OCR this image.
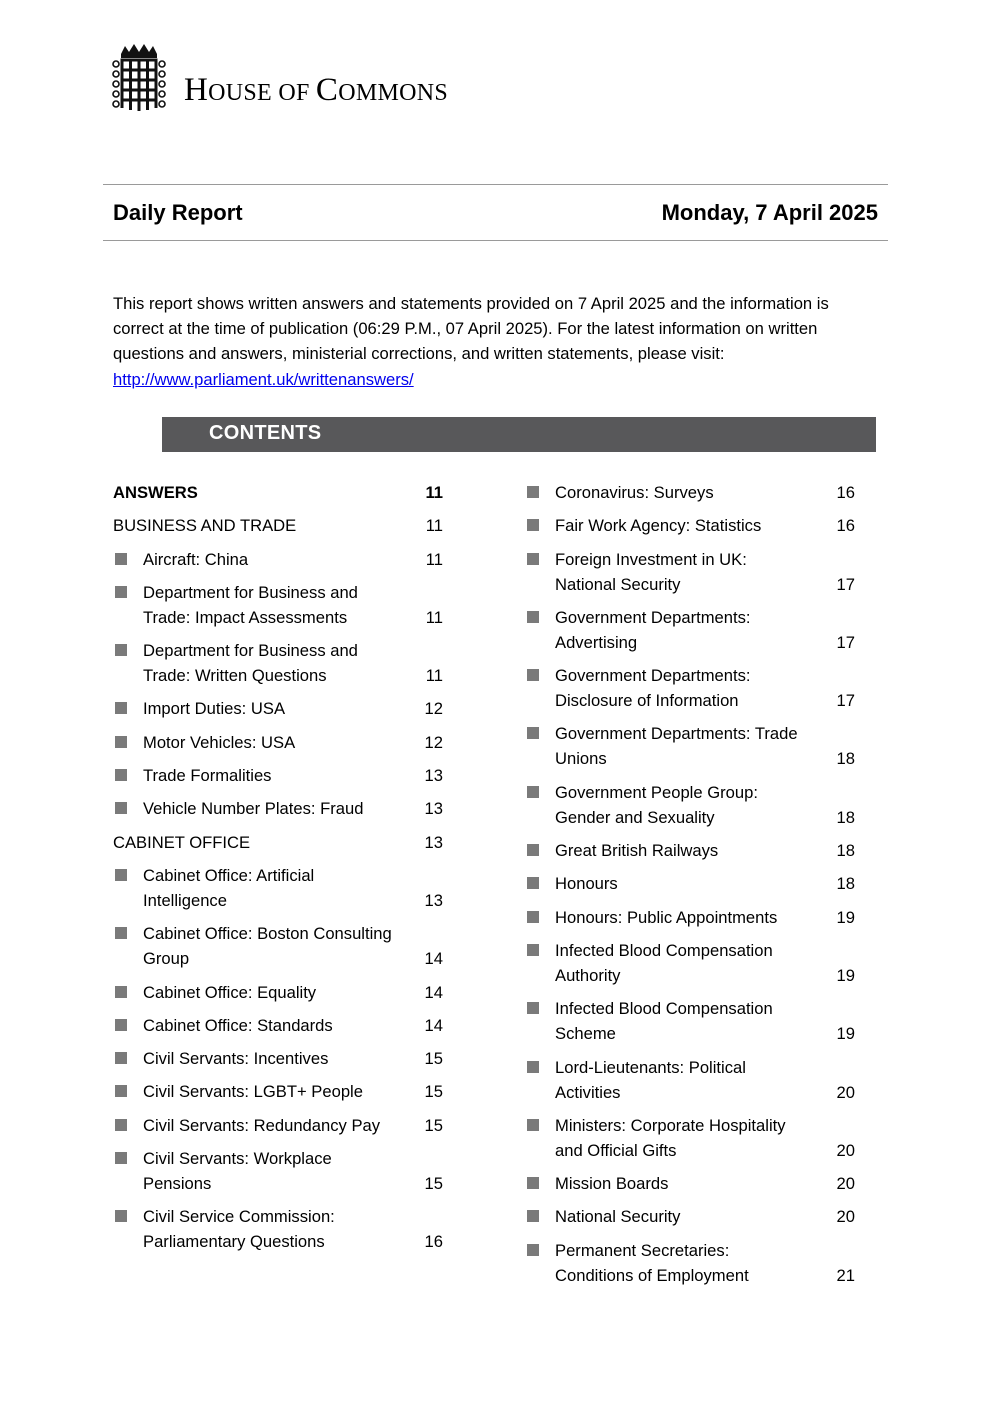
HOUSE OF COMMONS
Daily Report	Monday, 7 April 2025
This report shows written answers and statements provided on 7 April 2025 and the information is correct at the time of publication (06:29 P.M., 07 April 2025). For the latest information on written questions and answers, ministerial corrections, and written statements, please visit: http://www.parliament.uk/writtenanswers/
CONTENTS
ANSWERS	11
BUSINESS AND TRADE	11
Aircraft: China	11
Department for Business and Trade: Impact Assessments	11
Department for Business and Trade: Written Questions	11
Import Duties: USA	12
Motor Vehicles: USA	12
Trade Formalities	13
Vehicle Number Plates: Fraud	13
CABINET OFFICE	13
Cabinet Office: Artificial Intelligence	13
Cabinet Office: Boston Consulting Group	14
Cabinet Office: Equality	14
Cabinet Office: Standards	14
Civil Servants: Incentives	15
Civil Servants: LGBT+ People	15
Civil Servants: Redundancy Pay	15
Civil Servants: Workplace Pensions	15
Civil Service Commission: Parliamentary Questions	16
Coronavirus: Surveys	16
Fair Work Agency: Statistics	16
Foreign Investment in UK: National Security	17
Government Departments: Advertising	17
Government Departments: Disclosure of Information	17
Government Departments: Trade Unions	18
Government People Group: Gender and Sexuality	18
Great British Railways	18
Honours	18
Honours: Public Appointments	19
Infected Blood Compensation Authority	19
Infected Blood Compensation Scheme	19
Lord-Lieutenants: Political Activities	20
Ministers: Corporate Hospitality and Official Gifts	20
Mission Boards	20
National Security	20
Permanent Secretaries: Conditions of Employment	21
